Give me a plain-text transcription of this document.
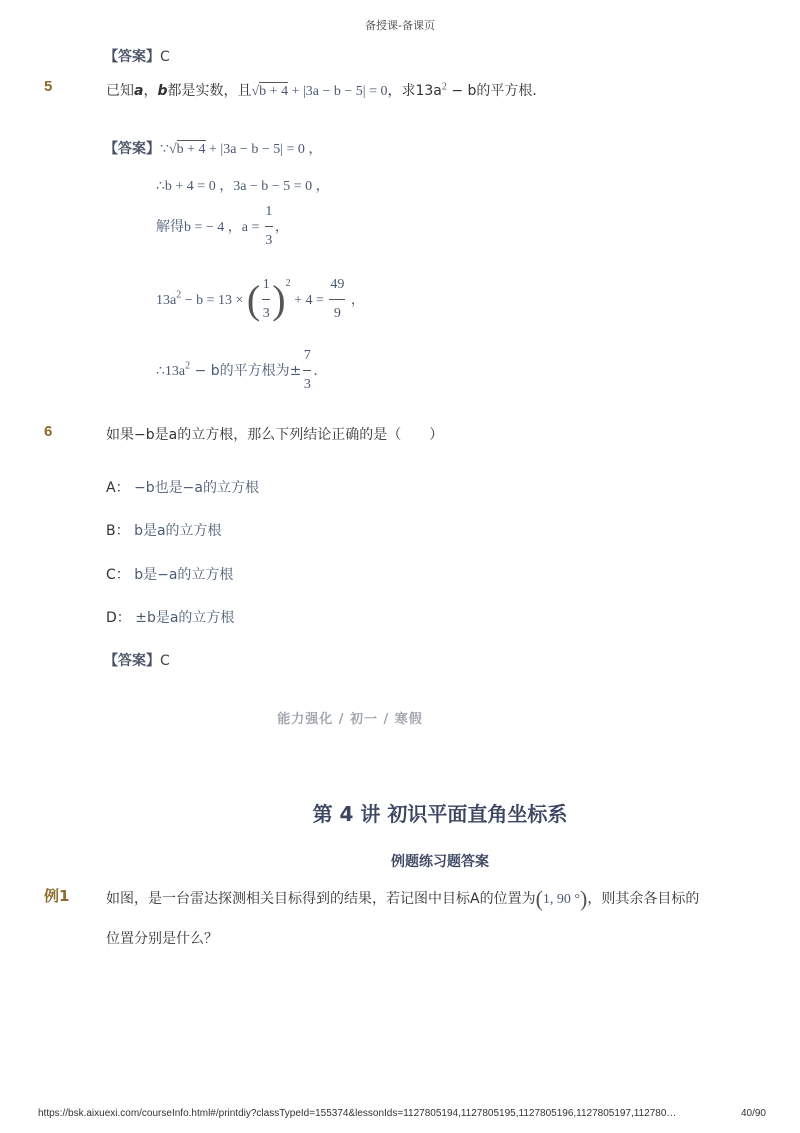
备授课-备课页
【答案】C
5	已知a，b都是实数，且√b + 4 + |3a − b − 5| = 0，求$13a^2 - b$的平方根．
【答案】∵√b + 4 + |3a − b − 5| = 0 ，
∴b + 4 = 0 ，3a − b − 5 = 0 ，
解得b = − 4 ，$a = \frac{1}{3}$ ，
$13a^2 - b = 13$ × ( $\frac{1}{3} )^2 + 4 = \frac{49}{9}$ ，
$\therefore 13a^2 - b$的平方根为± $\frac{7}{3}$ ．
6	如果−b是a的立方根，那么下列结论正确的是（　　）
A： −b也是−a的立方根
B： b是a的立方根
C： b是−a的立方根
D： ±b是a的立方根
【答案】C
能力强化 / 初一 / 寒假
第 4 讲 初识平面直角坐标系
例题练习题答案
例1	如图，是一台雷达探测相关目标得到的结果，若记图中目标A的位置为(1, 90 °)，则其余各目标的
位置分别是什么？
https://bsk.aixuexi.com/courseInfo.html#/printdiy?classTypeId=155374&lessonIds=1127805194,1127805195,1127805196,1127805197,112780…	40/90
